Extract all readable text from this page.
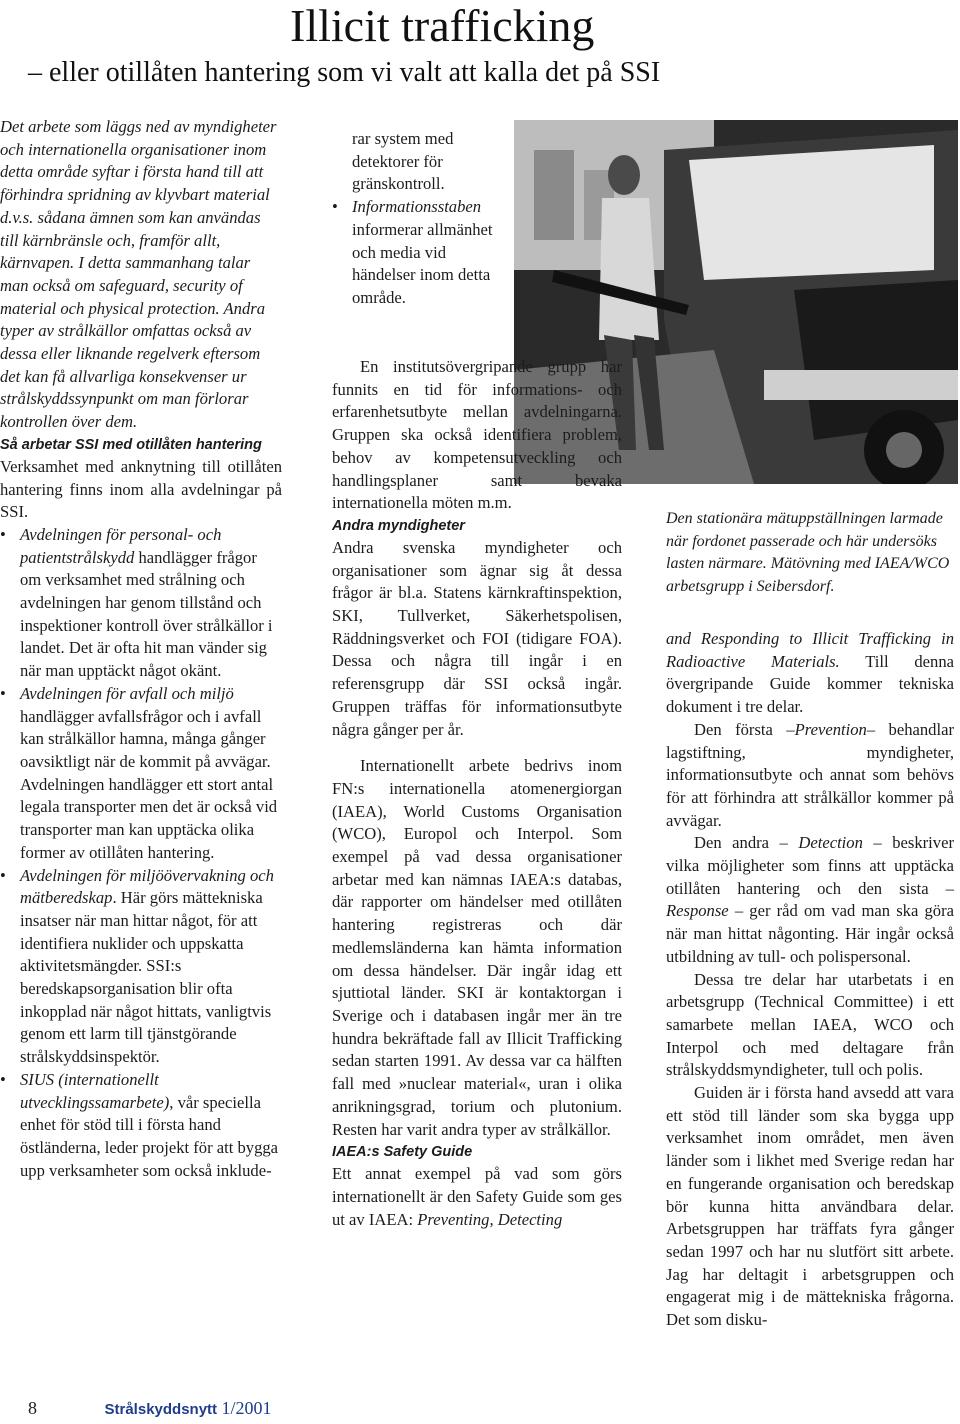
Illicit trafficking

– eller otillåten hantering som vi valt att kalla det på SSI

Det arbete som läggs ned av myndigheter och internationella organisationer inom detta område syftar i första hand till att förhindra spridning av klyvbart material d.v.s. sådana ämnen som kan användas till kärnbränsle och, framför allt, kärnvapen. I detta sammanhang talar man också om safeguard, security of material och physical protection. Andra typer av strålkällor omfattas också av dessa eller liknande regelverk eftersom det kan få allvarliga konsekvenser ur strålskyddssynpunkt om man förlorar kontrollen över dem.

Så arbetar SSI med otillåten hantering

Verksamhet med anknytning till otillåten hantering finns inom alla avdelningar på SSI.

• Avdelningen för personal- och patientstrålskydd handlägger frågor om verksamhet med strålning och avdelningen har genom tillstånd och inspektioner kontroll över strålkällor i landet. Det är ofta hit man vänder sig när man upptäckt något okänt.

• Avdelningen för avfall och miljö handlägger avfallsfrågor och i avfall kan strålkällor hamna, många gånger oavsiktligt när de kommit på avvägar. Avdelningen handlägger ett stort antal legala transporter men det är också vid transporter man kan upptäcka olika former av otillåten hantering.

• Avdelningen för miljöövervakning och mätberedskap. Här görs mättekniska insatser när man hittar något, för att identifiera nuklider och uppskatta aktivitetsmängder. SSI:s beredskapsorganisation blir ofta inkopplad när något hittats, vanligtvis genom ett larm till tjänstgörande strålskyddsinspektör.

• SIUS (internationellt utvecklingssamarbete), vår speciella enhet för stöd till i första hand östländerna, leder projekt för att bygga upp verksamheter som också inklude-

rar system med detektorer för gränskontroll.

• Informationsstaben informerar allmänhet och media vid händelser inom detta område.

En institutsövergripande grupp har funnits en tid för informations- och erfarenhetsutbyte mellan avdelningarna. Gruppen ska också identifiera problem, behov av kompetensutveckling och handlingsplaner samt bevaka internationella möten m.m.

Andra myndigheter

Andra svenska myndigheter och organisationer som ägnar sig åt dessa frågor är bl.a. Statens kärnkraftinspektion, SKI, Tullverket, Säkerhetspolisen, Räddningsverket och FOI (tidigare FOA). Dessa och några till ingår i en referensgrupp där SSI också ingår. Gruppen träffas för informationsutbyte några gånger per år.

Internationellt arbete bedrivs inom FN:s internationella atomenergiorgan (IAEA), World Customs Organisation (WCO), Europol och Interpol. Som exempel på vad dessa organisationer arbetar med kan nämnas IAEA:s databas, där rapporter om händelser med otillåten hantering registreras och där medlemsländerna kan hämta information om dessa händelser. Där ingår idag ett sjuttiotal länder. SKI är kontaktorgan i Sverige och i databasen ingår mer än tre hundra bekräftade fall av Illicit Trafficking sedan starten 1991. Av dessa var ca hälften fall med »nuclear material«, uran i olika anrikningsgrad, torium och plutonium. Resten har varit andra typer av strålkällor.

IAEA:s Safety Guide

Ett annat exempel på vad som görs internationellt är den Safety Guide som ges ut av IAEA: Preventing, Detecting

Den stationära mätuppställningen larmade när fordonet passerade och här undersöks lasten närmare. Mätövning med IAEA/WCO arbetsgrupp i Seibersdorf.

and Responding to Illicit Trafficking in Radioactive Materials. Till denna övergripande Guide kommer tekniska dokument i tre delar.

Den första –Prevention– behandlar lagstiftning, myndigheter, informationsutbyte och annat som behövs för att förhindra att strålkällor kommer på avvägar.

Den andra – Detection – beskriver vilka möjligheter som finns att upptäcka otillåten hantering och den sista – Response – ger råd om vad man ska göra när man hittat någonting. Här ingår också utbildning av tull- och polispersonal.

Dessa tre delar har utarbetats i en arbetsgrupp (Technical Committee) i ett samarbete mellan IAEA, WCO och Interpol och med deltagare från strålskyddsmyndigheter, tull och polis.

Guiden är i första hand avsedd att vara ett stöd till länder som ska bygga upp verksamhet inom området, men även länder som i likhet med Sverige redan har en fungerande organisation och beredskap bör kunna hitta användbara delar. Arbetsgruppen har träffats fyra gånger sedan 1997 och har nu slutfört sitt arbete. Jag har deltagit i arbetsgruppen och engagerat mig i de mättekniska frågorna. Det som disku-

8	Strålskyddsnytt 1/2001
